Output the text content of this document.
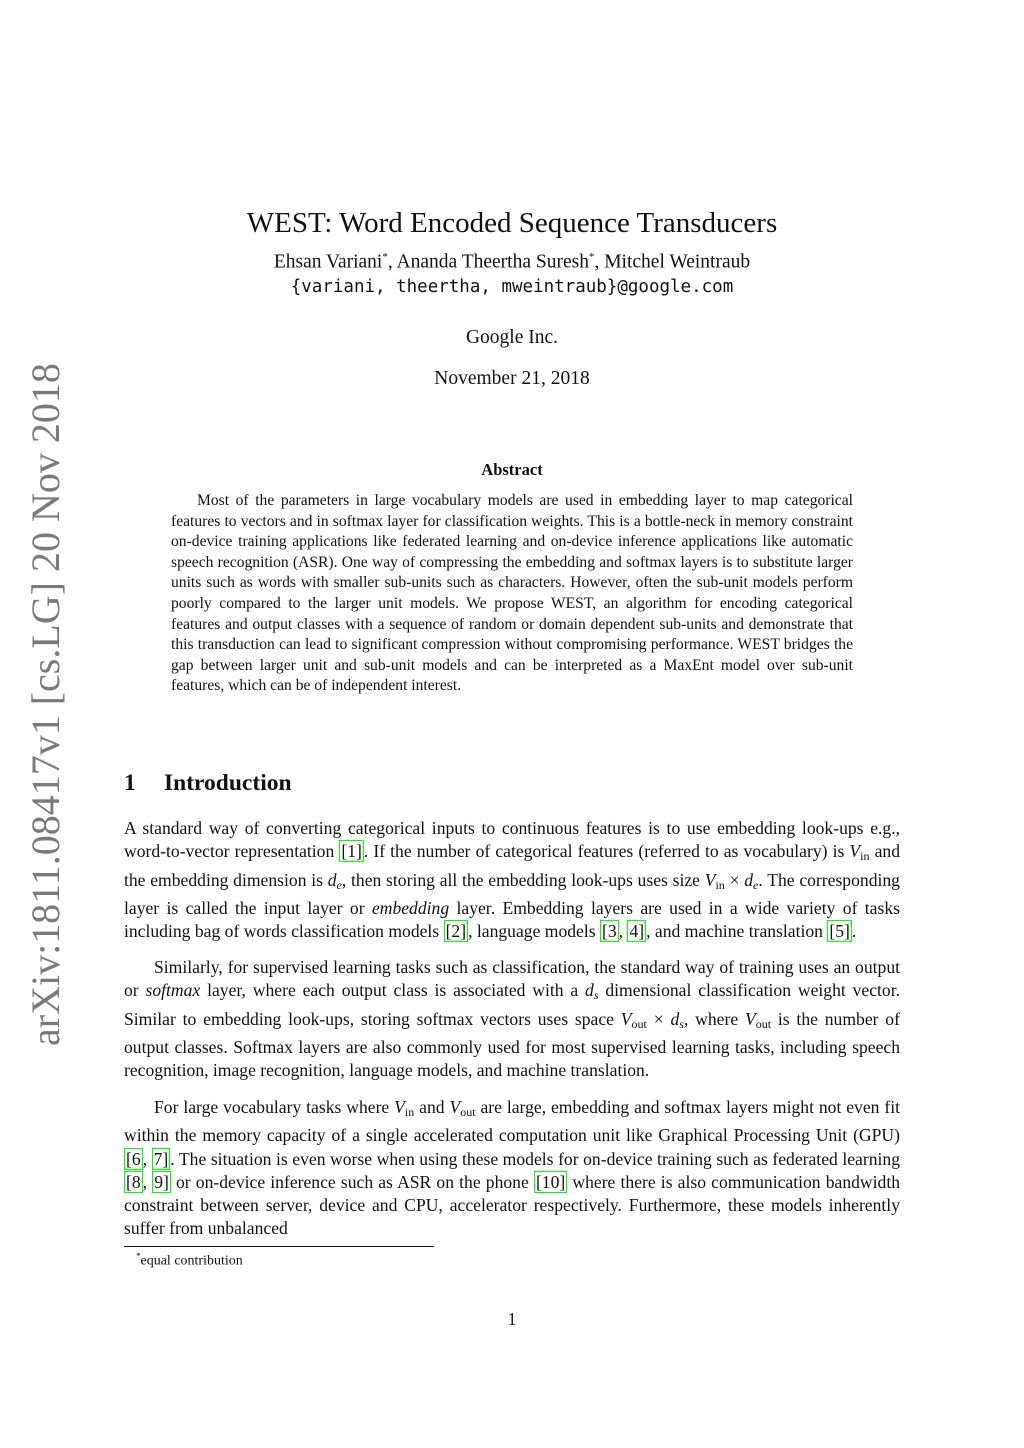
arXiv:1811.08417v1 [cs.LG] 20 Nov 2018
WEST: Word Encoded Sequence Transducers
Ehsan Variani*, Ananda Theertha Suresh*, Mitchel Weintraub
{variani, theertha, mweintraub}@google.com
Google Inc.
November 21, 2018
Abstract

Most of the parameters in large vocabulary models are used in embedding layer to map categorical features to vectors and in softmax layer for classification weights. This is a bottle-neck in memory constraint on-device training applications like federated learning and on-device inference applications like automatic speech recognition (ASR). One way of compressing the embedding and softmax layers is to substitute larger units such as words with smaller sub-units such as characters. However, often the sub-unit models perform poorly compared to the larger unit models. We propose WEST, an algorithm for encoding categorical features and output classes with a sequence of random or domain dependent sub-units and demonstrate that this transduction can lead to significant compression without compromising performance. WEST bridges the gap between larger unit and sub-unit models and can be interpreted as a MaxEnt model over sub-unit features, which can be of independent interest.

1 Introduction

A standard way of converting categorical inputs to continuous features is to use embedding look-ups e.g., word-to-vector representation [1] . If the number of categorical features (referred to as vocabulary) is $V_{in}$ and the embedding dimension is de, then storing all the embedding look-ups uses size $V_{in}$ × de. The corresponding layer is called the input layer or embedding layer. Embedding layers are used in a wide variety of tasks including bag of words classification models [2] , language models [3 , 4] , and machine translation [5] .

Similarly, for supervised learning tasks such as classification, the standard way of training uses an output or softmax layer, where each output class is associated with a ds dimensional classification weight vector. Similar to embedding look-ups, storing softmax vectors uses space $V_{out}$ × ds, where $V_{out}$ is the number of output classes. Softmax layers are also commonly used for most supervised learning tasks, including speech recognition, image recognition, language models, and machine translation.

For large vocabulary tasks where $V_{in}$ and $V_{out}$ are large, embedding and softmax layers might not even fit within the memory capacity of a single accelerated computation unit like Graphical Processing Unit (GPU) [6 , 7] . The situation is even worse when using these models for on-device training such as federated learning [8 , 9] or on-device inference such as ASR on the phone [10] where there is also communication bandwidth constraint between server, device and CPU, accelerator respectively. Furthermore, these models inherently suffer from unbalanced

*equal contribution
1
